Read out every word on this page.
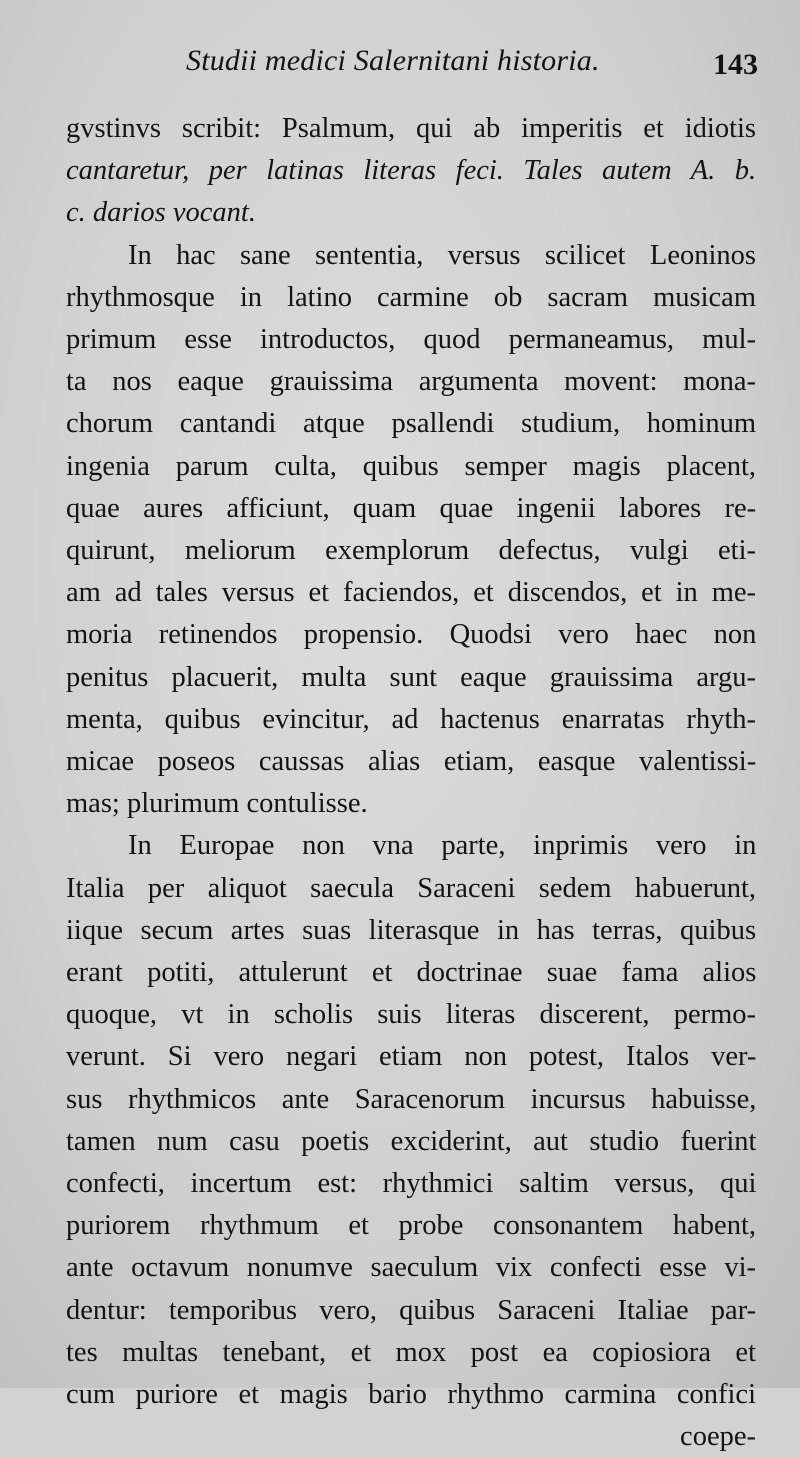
Studii medici Salernitani historia.	143

gvstinvs scribit: Psalmum, qui ab imperitis et idiotis
cantaretur, per latinas literas feci. Tales autem A. b.
c. darios vocant.

In hac sane sententia, versus scilicet Leoninos
rhythmosque in latino carmine ob sacram musicam
primum esse introductos, quod permaneamus, mul-
ta nos eaque grauissima argumenta movent: mona-
chorum cantandi atque psallendi studium, hominum
ingenia parum culta, quibus semper magis placent,
quae aures afficiunt, quam quae ingenii labores re-
quirunt, meliorum exemplorum defectus, vulgi eti-
am ad tales versus et faciendos, et discendos, et in me-
moria retinendos propensio. Quodsi vero haec non
penitus placuerit, multa sunt eaque grauissima argu-
menta, quibus evincitur, ad hactenus enarratas rhyth-
micae poseos caussas alias etiam, easque valentissi-
mas; plurimum contulisse.

In Europae non vna parte, inprimis vero in
Italia per aliquot saecula Saraceni sedem habuerunt,
iique secum artes suas literasque in has terras, quibus
erant potiti, attulerunt et doctrinae suae fama alios
quoque, vt in scholis suis literas discerent, permo-
verunt. Si vero negari etiam non potest, Italos ver-
sus rhythmicos ante Saracenorum incursus habuisse,
tamen num casu poetis exciderint, aut studio fuerint
confecti, incertum est: rhythmici saltim versus, qui
puriorem rhythmum et probe consonantem habent,
ante octavum nonumve saeculum vix confecti esse vi-
dentur: temporibus vero, quibus Saraceni Italiae par-
tes multas tenebant, et mox post ea copiosiora et
cum puriore et magis bario rhythmo carmina confici

coepe-
